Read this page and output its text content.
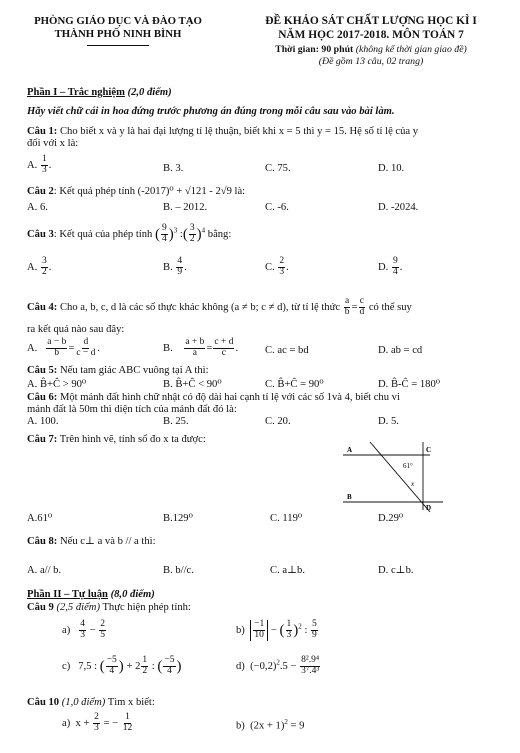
PHÒNG GIÁO DỤC VÀ ĐÀO TẠO
THÀNH PHỐ NINH BÌNH
ĐỀ KHẢO SÁT CHẤT LƯỢNG HỌC KÌ I
NĂM HỌC 2017-2018. MÔN TOÁN 7
Thời gian: 90 phút (không kể thời gian giao đề)
(Đề gồm 13 câu, 02 trang)
Phần I – Trắc nghiệm (2,0 điểm)
Hãy viết chữ cái in hoa đứng trước phương án đúng trong mỗi câu sau vào bài làm.
Câu 1: Cho biết x và y là hai đại lượng tỉ lệ thuận, biết khi x = 5 thì y = 15. Hệ số tỉ lệ của y
đối với x là:
A. $\frac{1}{3}$ .	B. 3.	C. 75.	D. 10.
Câu 2: Kết quả phép tính (-2017)⁰ + √121 - 2√9 là:
A. 6.	B. – 2012.	C. -6.	D. -2024.
Câu 3: Kết quả của phép tính ( $\frac{9}{4} )^3$ :( $\frac{3}{2} )^4$ bằng:
A. $\frac{3}{2}$ .	B. $\frac{4}{9}$ .	C. $\frac{2}{3}$ .	D. $\frac{9}{4}$ .
Câu 4: Cho a, b, c, d là các số thực khác không (a ≠ b; c ≠ d), từ tỉ lệ thức $\frac{a}{b} = \frac{c}{d}$ có thể suy
ra kết quả nào sau đây:
A. $\frac{a - b}{b} = \frac{d}{c - d}$ .	B. $\frac{a + b}{a} = \frac{c + d}{c}$ .	C. ac = bd	D. ab = cd
Câu 5: Nếu tam giác ABC vuông tại A thì:
A. B̂+Ĉ > 90⁰	B. B̂+Ĉ < 90⁰	C. B̂+Ĉ = 90⁰	D. B̂-Ĉ = 180⁰
Câu 6: Một mảnh đất hình chữ nhật có độ dài hai cạnh tỉ lệ với các số 1và 4, biết chu vi
mảnh đất là 50m thì diện tích của mảnh đất đó là:
A. 100.	B. 25.	C. 20.	D. 5.
Câu 7: Trên hình vẽ, tính số đo x ta được:
A
B
C
D
61°
x
A.61⁰	B.129⁰	C. 119⁰	D.29⁰
Câu 8: Nếu c⊥ a và b // a thì:
A. a// b.	B. b//c.	C. a⊥b.	D. c⊥b.
Phần II – Tự luận (8,0 điểm)
Câu 9 (2,5 điểm) Thực hiện phép tính:
$a) \frac{4}{3} - \frac{2}{5}$	$b) \frac{-1}{10}$ − ( $\frac{1}{3} )^2$ : $\frac{5}{9}$
c) 7,5 : ( $\frac{-5}{4}$ ) + $2 \frac{1}{2}$ : ( $\frac{-5}{4}$ )	d) $(-0,2)^2.5 - \frac{\text{8².9⁴}}{\text{3⁷.4³}}$
Câu 10 (1,0 điểm) Tìm x biết:
a) $x + \frac{2}{3}$ = − $\frac{1}{12}$	b) $(2x + 1)^2 = 9$
